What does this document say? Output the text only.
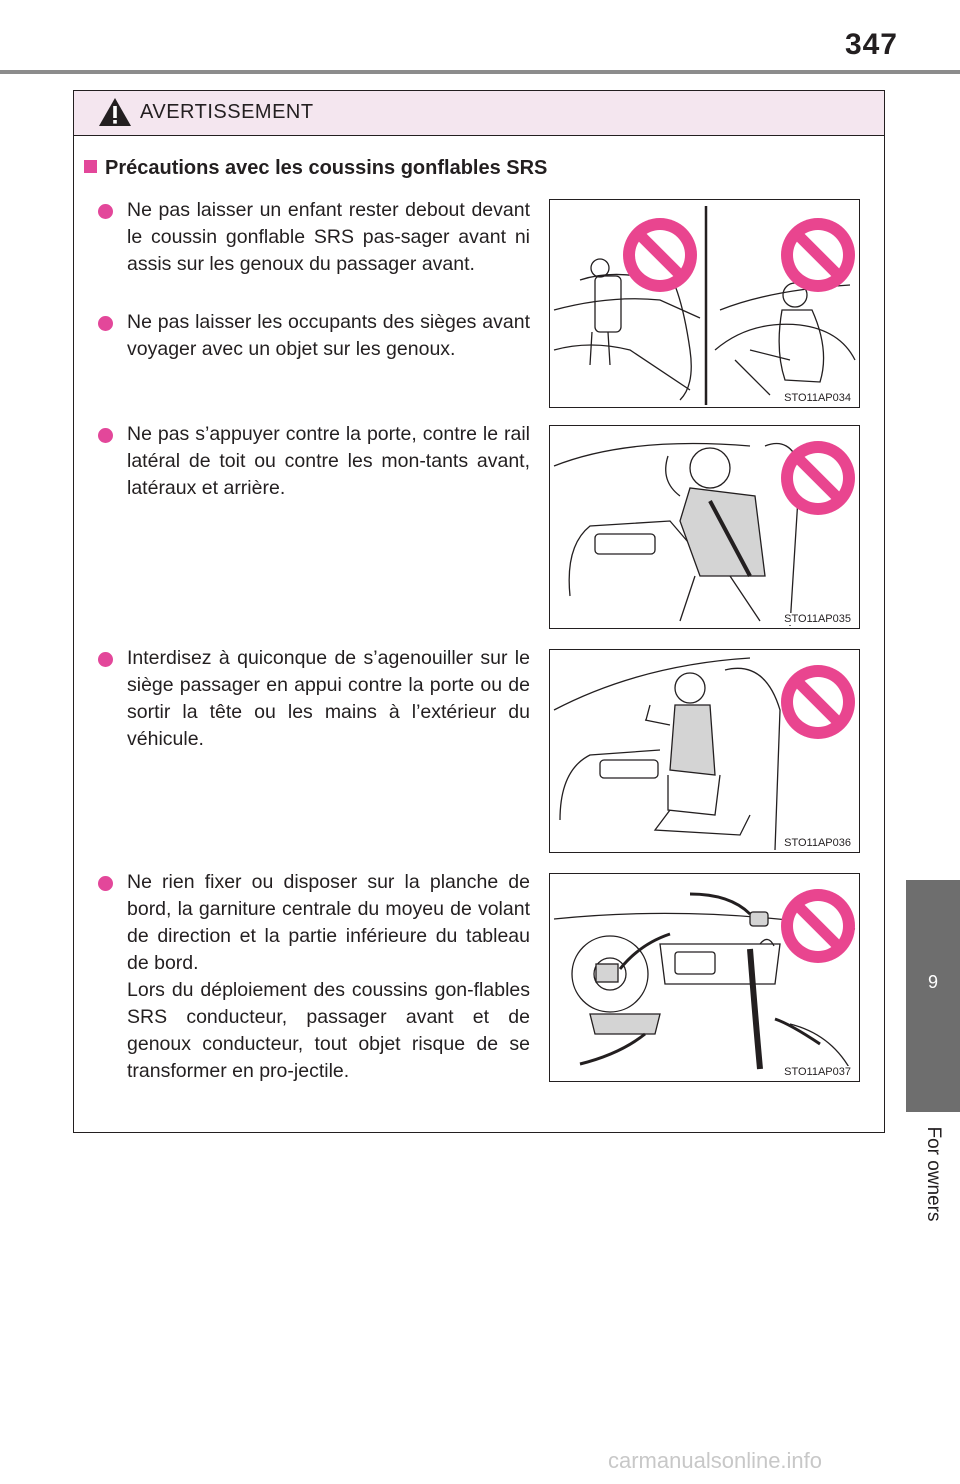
347
9
For owners
AVERTISSEMENT
Précautions avec les coussins gonflables SRS
Ne pas laisser un enfant rester debout devant le coussin gonflable SRS pas-sager avant ni assis sur les genoux du passager avant.
Ne pas laisser les occupants des sièges avant voyager avec un objet sur les genoux.
Ne pas s’appuyer contre la porte, contre le rail latéral de toit ou contre les mon-tants avant, latéraux et arrière.
Interdisez à quiconque de s’agenouiller sur le siège passager en appui contre la porte ou de sortir la tête ou les mains à l’extérieur du véhicule.
Ne rien fixer ou disposer sur la planche de bord, la garniture centrale du moyeu de volant de direction et la partie inférieure du tableau de bord.
Lors du déploiement des coussins gon-flables SRS conducteur, passager avant et de genoux conducteur, tout objet risque de se transformer en pro-jectile.
STO11AP034
STO11AP035
STO11AP036
STO11AP037
carmanualsonline.info
